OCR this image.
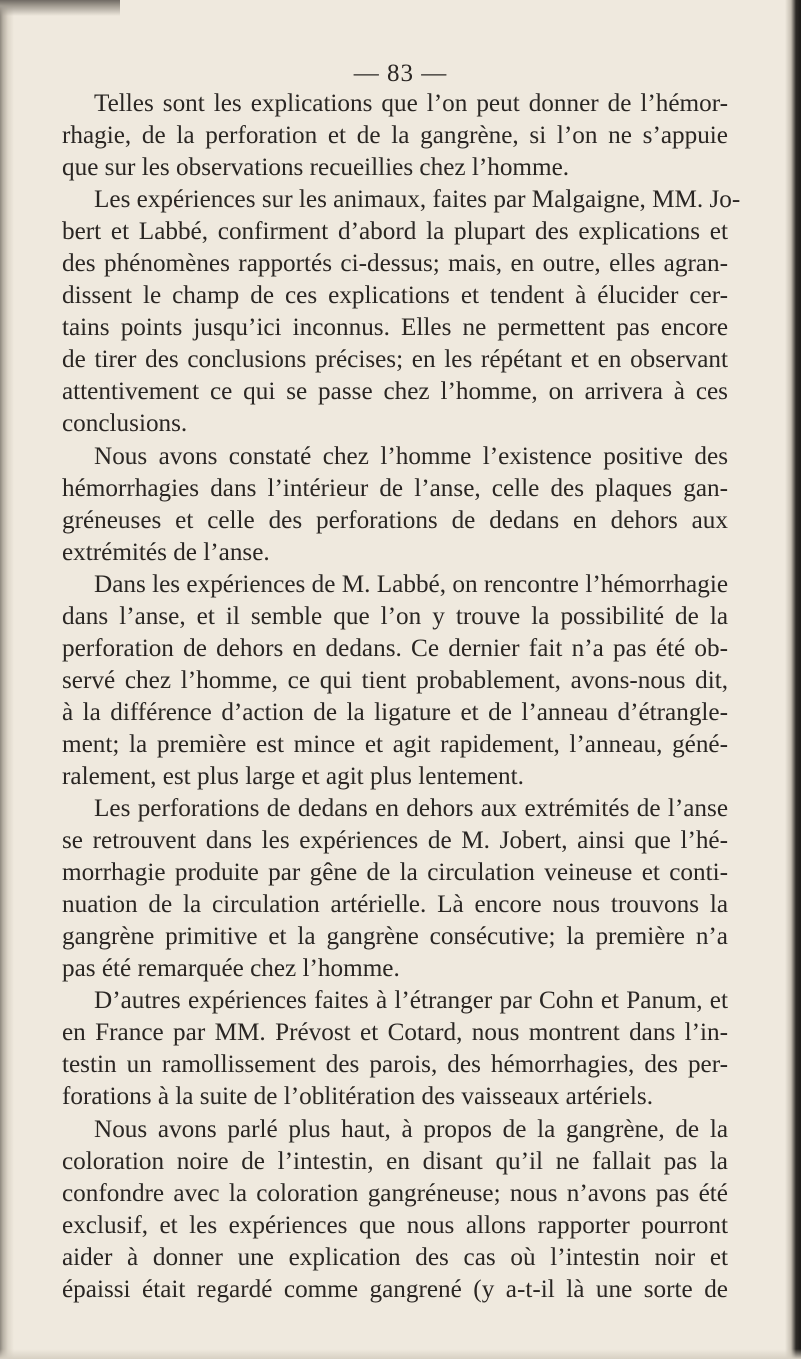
— 83 —
Telles sont les explications que l’on peut donner de l’hémor-
rhagie, de la perforation et de la gangrène, si l’on ne s’appuie
que sur les observations recueillies chez l’homme.
Les expériences sur les animaux, faites par Malgaigne, MM. Jo-
bert et Labbé, confirment d’abord la plupart des explications et
des phénomènes rapportés ci-dessus; mais, en outre, elles agran-
dissent le champ de ces explications et tendent à élucider cer-
tains points jusqu’ici inconnus. Elles ne permettent pas encore
de tirer des conclusions précises; en les répétant et en observant
attentivement ce qui se passe chez l’homme, on arrivera à ces
conclusions.
Nous avons constaté chez l’homme l’existence positive des
hémorrhagies dans l’intérieur de l’anse, celle des plaques gan-
gréneuses et celle des perforations de dedans en dehors aux
extrémités de l’anse.
Dans les expériences de M. Labbé, on rencontre l’hémorrhagie
dans l’anse, et il semble que l’on y trouve la possibilité de la
perforation de dehors en dedans. Ce dernier fait n’a pas été ob-
servé chez l’homme, ce qui tient probablement, avons-nous dit,
à la différence d’action de la ligature et de l’anneau d’étrangle-
ment; la première est mince et agit rapidement, l’anneau, géné-
ralement, est plus large et agit plus lentement.
Les perforations de dedans en dehors aux extrémités de l’anse
se retrouvent dans les expériences de M. Jobert, ainsi que l’hé-
morrhagie produite par gêne de la circulation veineuse et conti-
nuation de la circulation artérielle. Là encore nous trouvons la
gangrène primitive et la gangrène consécutive; la première n’a
pas été remarquée chez l’homme.
D’autres expériences faites à l’étranger par Cohn et Panum, et
en France par MM. Prévost et Cotard, nous montrent dans l’in-
testin un ramollissement des parois, des hémorrhagies, des per-
forations à la suite de l’oblitération des vaisseaux artériels.
Nous avons parlé plus haut, à propos de la gangrène, de la
coloration noire de l’intestin, en disant qu’il ne fallait pas la
confondre avec la coloration gangréneuse; nous n’avons pas été
exclusif, et les expériences que nous allons rapporter pourront
aider à donner une explication des cas où l’intestin noir et
épaissi était regardé comme gangrené (y a-t-il là une sorte de
